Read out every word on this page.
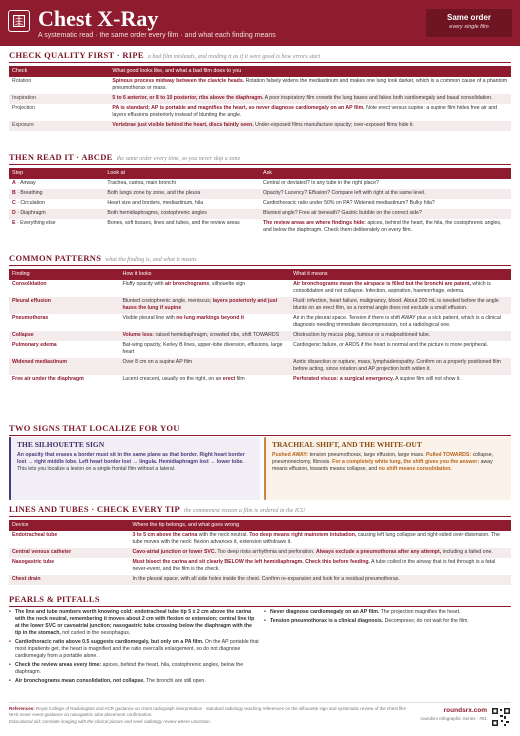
Chest X-Ray
A systematic read · the same order every film · and what each finding means
Same order
every single film
CHECK QUALITY FIRST · RIPE a bad film misleads, and reading it as if it were good is how errors start
Check	What good looks like, and what a bad film does to you
Rotation	Spinous process midway between the clavicle heads. Rotation falsely widens the mediastinum and makes one lung look darker, which is a common cause of a phantom pneumothorax or mass.
Inspiration	5 to 6 anterior, or 8 to 10 posterior, ribs above the diaphragm. A poor inspiratory film crowds the lung bases and fakes both cardiomegaly and basal consolidation.
Projection	PA is standard; AP is portable and magnifies the heart, so never diagnose cardiomegaly on an AP film. Note erect versus supine: a supine film hides free air and layers effusions posteriorly instead of blunting the angle.
Exposure	Vertebrae just visible behind the heart, discs faintly seen. Under-exposed films manufacture opacity; over-exposed films hide it.
THEN READ IT · ABCDE the same order every time, so you never skip a zone
Step	Look at	Ask
A · Airway	Trachea, carina, main bronchi	Central or deviated? Is any tube in the right place?
B · Breathing	Both lungs zone by zone, and the pleura	Opacity? Lucency? Effusion? Compare left with right at the same level.
C · Circulation	Heart size and borders, mediastinum, hila	Cardiothoracic ratio under 50% on PA? Widened mediastinum? Bulky hila?
D · Diaphragm	Both hemidiaphragms, costophrenic angles	Blunted angle? Free air beneath? Gastric bubble on the correct side?
E · Everything else	Bones, soft tissues, lines and tubes, and the review areas	The review areas are where findings hide: apices, behind the heart, the hila, the costophrenic angles, and below the diaphragm. Check them deliberately on every film.
COMMON PATTERNS what the finding is, and what it means
Finding	How it looks	What it means
Consolidation	Fluffy opacity with air bronchograms; silhouette sign	Air bronchograms mean the airspace is filled but the bronchi are patent, which is consolidation and not collapse. Infection, aspiration, haemorrhage, edema.
Pleural effusion	Blunted costophrenic angle, meniscus; layers posteriorly and just hazes the lung if supine	Fluid: infection, heart failure, malignancy, blood. About 200 mL is needed before the angle blunts on an erect film, so a normal angle does not exclude a small effusion.
Pneumothorax	Visible pleural line with no lung markings beyond it	Air in the pleural space. Tension if there is shift AWAY plus a sick patient, which is a clinical diagnosis needing immediate decompression, not a radiological one.
Collapse	Volume loss: raised hemidiaphragm, crowded ribs, shift TOWARDS	Obstruction by mucus plug, tumour or a malpositioned tube.
Pulmonary edema	Bat-wing opacity, Kerley B lines, upper-lobe diversion, effusions, large heart	Cardiogenic failure, or ARDS if the heart is normal and the picture is more peripheral.
Widened mediastinum	Over 8 cm on a supine AP film	Aortic dissection or rupture, mass, lymphadenopathy. Confirm on a properly positioned film before acting, since rotation and AP projection both widen it.
Free air under the diaphragm	Lucent crescent, usually on the right, on an erect film	Perforated viscus: a surgical emergency. A supine film will not show it.
TWO SIGNS THAT LOCALIZE FOR YOU
THE SILHOUETTE SIGN

An opacity that erases a border must sit in the same plane as that border. Right heart border lost → right middle lobe. Left heart border lost → lingula. Hemidiaphragm lost → lower lobe. This lets you localize a lesion on a single frontal film without a lateral.

TRACHEAL SHIFT, AND THE WHITE-OUT

Pushed AWAY: tension pneumothorax, large effusion, large mass. Pulled TOWARDS: collapse, pneumonectomy, fibrosis. For a completely white lung, the shift gives you the answer: away means effusion, towards means collapse, and no shift means consolidation.

LINES AND TUBES · CHECK EVERY TIP the commonest reason a film is ordered in the ICU
Device	Where the tip belongs, and what goes wrong
Endotracheal tube	3 to 5 cm above the carina with the neck neutral. Too deep means right mainstem intubation, causing left lung collapse and right-sided over-distension. The tube moves with the neck: flexion advances it, extension withdraws it.
Central venous catheter	Cavo-atrial junction or lower SVC. Too deep risks arrhythmia and perforation. Always exclude a pneumothorax after any attempt, including a failed one.
Nasogastric tube	Must bisect the carina and sit clearly BELOW the left hemidiaphragm. Check this before feeding. A tube coiled in the airway that is fed through is a fatal never-event, and the film is the check.
Chest drain	In the pleural space, with all side holes inside the chest. Confirm re-expansion and look for a residual pneumothorax.
PEARLS & PITFALLS
• The line and tube numbers worth knowing cold: endotracheal tube tip 5 ± 2 cm above the carina with the neck neutral, remembering it moves about 2 cm with flexion or extension; central line tip at the lower SVC or cavoatrial junction; nasogastric tube crossing below the diaphragm with the tip in the stomach, not curled in the oesophagus.
• Cardiothoracic ratio above 0.5 suggests cardiomegaly, but only on a PA film. On the AP portable that most inpatients get, the heart is magnified and the ratio overcalls enlargement, so do not diagnose cardiomegaly from a portable alone.
• Check the review areas every time: apices, behind the heart, hila, costophrenic angles, below the diaphragm.
• Air bronchograms mean consolidation, not collapse. The bronchi are still open.
• Never diagnose cardiomegaly on an AP film. The projection magnifies the heart.
• Tension pneumothorax is a clinical diagnosis. Decompress; do not wait for the film.
References: Royal College of Radiologists and ACR guidance on chest radiograph interpretation · standard radiology teaching references on the silhouette sign and systematic review of the chest film · NHS never event guidance on nasogastric tube placement confirmation.
Educational aid; correlate imaging with the clinical picture and seek radiology review where uncertain.
roundsrx.com
roundsrx Infographic Series · #51
